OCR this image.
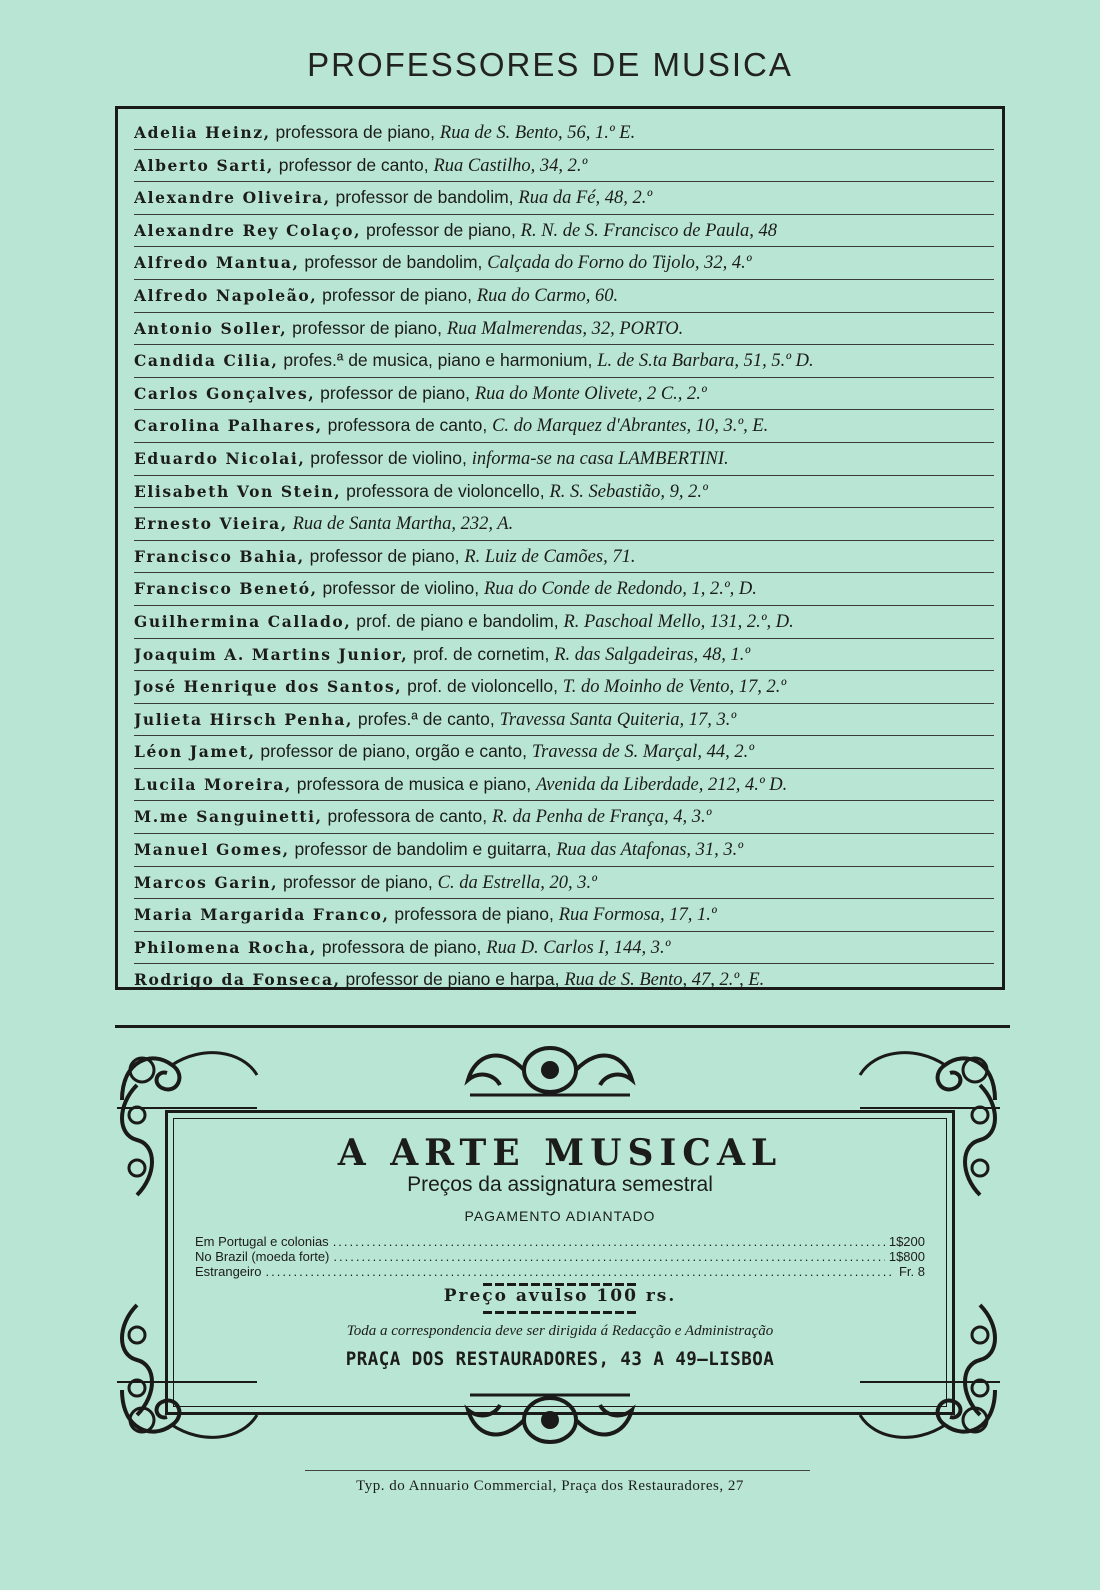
PROFESSORES DE MUSICA
Adelia Heinz, professora de piano, Rua de S. Bento, 56, 1.º E.
Alberto Sarti, professor de canto, Rua Castilho, 34, 2.º
Alexandre Oliveira, professor de bandolim, Rua da Fé, 48, 2.º
Alexandre Rey Colaço, professor de piano, R. N. de S. Francisco de Paula, 48
Alfredo Mantua, professor de bandolim, Calçada do Forno do Tijolo, 32, 4.º
Alfredo Napoleão, professor de piano, Rua do Carmo, 60.
Antonio Soller, professor de piano, Rua Malmerendas, 32, PORTO.
Candida Cilia, profes.ª de musica, piano e harmonium, L. de S.ta Barbara, 51, 5.º D.
Carlos Gonçalves, professor de piano, Rua do Monte Olivete, 2 C., 2.º
Carolina Palhares, professora de canto, C. do Marquez d'Abrantes, 10, 3.º, E.
Eduardo Nicolai, professor de violino, informa-se na casa LAMBERTINI.
Elisabeth Von Stein, professora de violoncello, R. S. Sebastião, 9, 2.º
Ernesto Vieira, Rua de Santa Martha, 232, A.
Francisco Bahia, professor de piano, R. Luiz de Camões, 71.
Francisco Benetó, professor de violino, Rua do Conde de Redondo, 1, 2.º, D.
Guilhermina Callado, prof. de piano e bandolim, R. Paschoal Mello, 131, 2.º, D.
Joaquim A. Martins Junior, prof. de cornetim, R. das Salgadeiras, 48, 1.º
José Henrique dos Santos, prof. de violoncello, T. do Moinho de Vento, 17, 2.º
Julieta Hirsch Penha, profes.ª de canto, Travessa Santa Quiteria, 17, 3.º
Léon Jamet, professor de piano, orgão e canto, Travessa de S. Marçal, 44, 2.º
Lucila Moreira, professora de musica e piano, Avenida da Liberdade, 212, 4.º D.
M.me Sanguinetti, professora de canto, R. da Penha de França, 4, 3.º
Manuel Gomes, professor de bandolim e guitarra, Rua das Atafonas, 31, 3.º
Marcos Garin, professor de piano, C. da Estrella, 20, 3.º
Maria Margarida Franco, professora de piano, Rua Formosa, 17, 1.º
Philomena Rocha, professora de piano, Rua D. Carlos I, 144, 3.º
Rodrigo da Fonseca, professor de piano e harpa, Rua de S. Bento, 47, 2.º, E.
A ARTE MUSICAL
Preços da assignatura semestral
PAGAMENTO ADIANTADO
Em Portugal e colonias .....	1$200
No Brazil (moeda forte) .....	1$800
Estrangeiro .....	Fr. 8
Preço avulso 100 rs.
Toda a correspondencia deve ser dirigida á Redacção e Administração
PRAÇA DOS RESTAURADORES, 43 A 49—LISBOA
Typ. do Annuario Commercial, Praça dos Restauradores, 27
